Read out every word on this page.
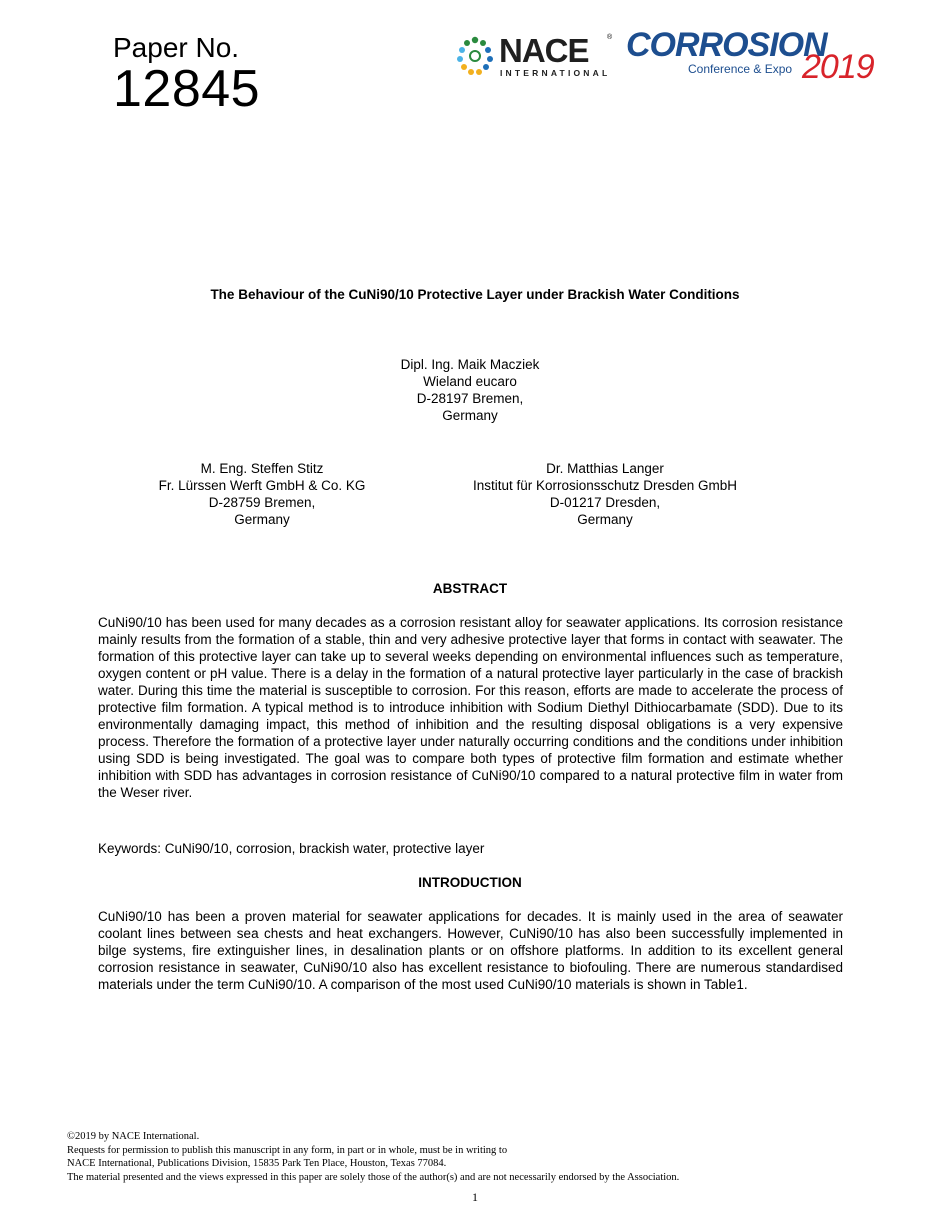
Paper No.
12845
NACE	®
INTERNATIONAL
CORROSION
Conference & Expo 2019
The Behaviour of the CuNi90/10 Protective Layer under Brackish Water Conditions
Dipl. Ing. Maik Macziek
Wieland eucaro
D-28197 Bremen,
Germany
M. Eng. Steffen Stitz
Fr. Lürssen Werft GmbH & Co. KG
D-28759 Bremen,
Germany
Dr. Matthias Langer
Institut für Korrosionsschutz Dresden GmbH
D-01217 Dresden,
Germany
ABSTRACT
CuNi90/10 has been used for many decades as a corrosion resistant alloy for seawater applications. Its corrosion resistance mainly results from the formation of a stable, thin and very adhesive protective layer that forms in contact with seawater. The formation of this protective layer can take up to several weeks depending on environmental influences such as temperature, oxygen content or pH value. There is a delay in the formation of a natural protective layer particularly in the case of brackish water. During this time the material is susceptible to corrosion. For this reason, efforts are made to accelerate the process of protective film formation. A typical method is to introduce inhibition with Sodium Diethyl Dithiocarbamate (SDD). Due to its environmentally damaging impact, this method of inhibition and the resulting disposal obligations is a very expensive process. Therefore the formation of a protective layer under naturally occurring conditions and the conditions under inhibition using SDD is being investigated. The goal was to compare both types of protective film formation and estimate whether inhibition with SDD has advantages in corrosion resistance of CuNi90/10 compared to a natural protective film in water from the Weser river.
Keywords: CuNi90/10, corrosion, brackish water, protective layer
INTRODUCTION
CuNi90/10 has been a proven material for seawater applications for decades. It is mainly used in the area of seawater coolant lines between sea chests and heat exchangers. However, CuNi90/10 has also been successfully implemented in bilge systems, fire extinguisher lines, in desalination plants or on offshore platforms. In addition to its excellent general corrosion resistance in seawater, CuNi90/10 also has excellent resistance to biofouling. There are numerous standardised materials under the term CuNi90/10. A comparison of the most used CuNi90/10 materials is shown in Table1.
©2019 by NACE International.
Requests for permission to publish this manuscript in any form, in part or in whole, must be in writing to
NACE International, Publications Division, 15835 Park Ten Place, Houston, Texas 77084.
The material presented and the views expressed in this paper are solely those of the author(s) and are not necessarily endorsed by the Association.
1
